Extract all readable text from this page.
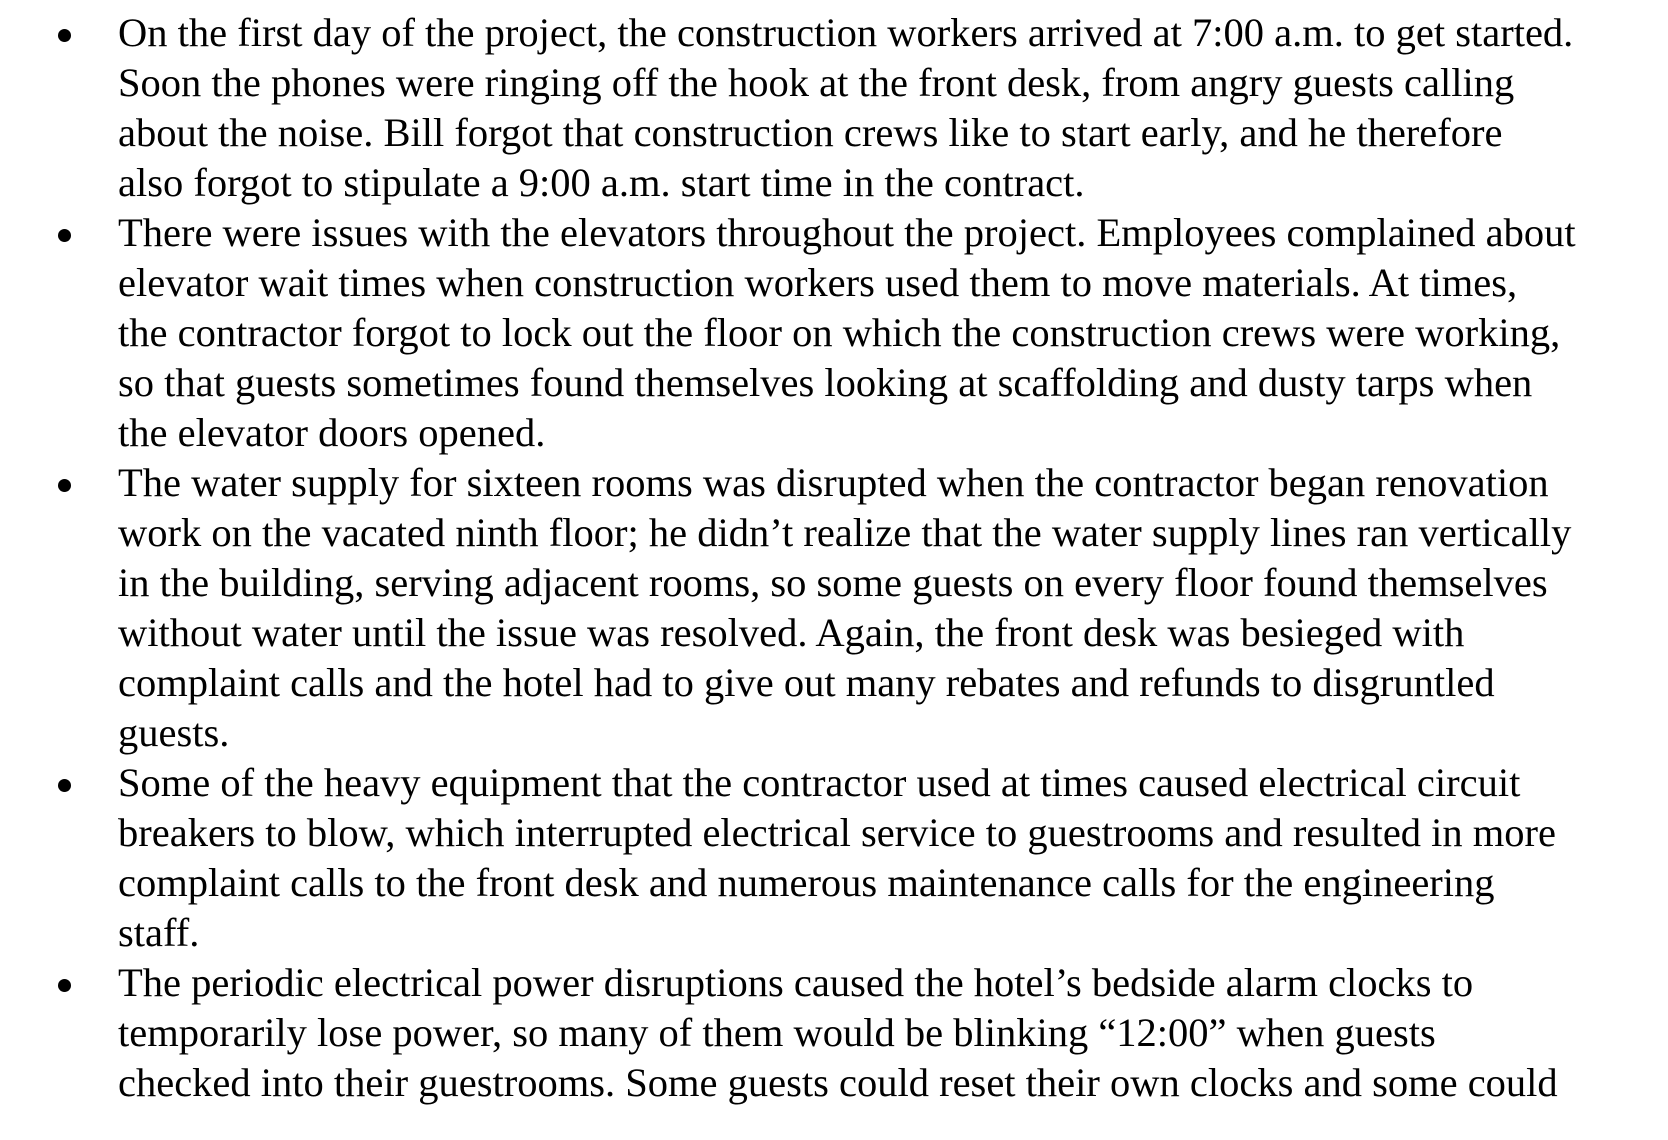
On the first day of the project, the construction workers arrived at 7:00 a.m. to get started.
Soon the phones were ringing off the hook at the front desk, from angry guests calling
about the noise. Bill forgot that construction crews like to start early, and he therefore
also forgot to stipulate a 9:00 a.m. start time in the contract.
There were issues with the elevators throughout the project. Employees complained about
elevator wait times when construction workers used them to move materials. At times,
the contractor forgot to lock out the floor on which the construction crews were working,
so that guests sometimes found themselves looking at scaffolding and dusty tarps when
the elevator doors opened.
The water supply for sixteen rooms was disrupted when the contractor began renovation
work on the vacated ninth floor; he didn’t realize that the water supply lines ran vertically
in the building, serving adjacent rooms, so some guests on every floor found themselves
without water until the issue was resolved. Again, the front desk was besieged with
complaint calls and the hotel had to give out many rebates and refunds to disgruntled
guests.
Some of the heavy equipment that the contractor used at times caused electrical circuit
breakers to blow, which interrupted electrical service to guestrooms and resulted in more
complaint calls to the front desk and numerous maintenance calls for the engineering
staff.
The periodic electrical power disruptions caused the hotel’s bedside alarm clocks to
temporarily lose power, so many of them would be blinking “12:00” when guests
checked into their guestrooms. Some guests could reset their own clocks and some could
